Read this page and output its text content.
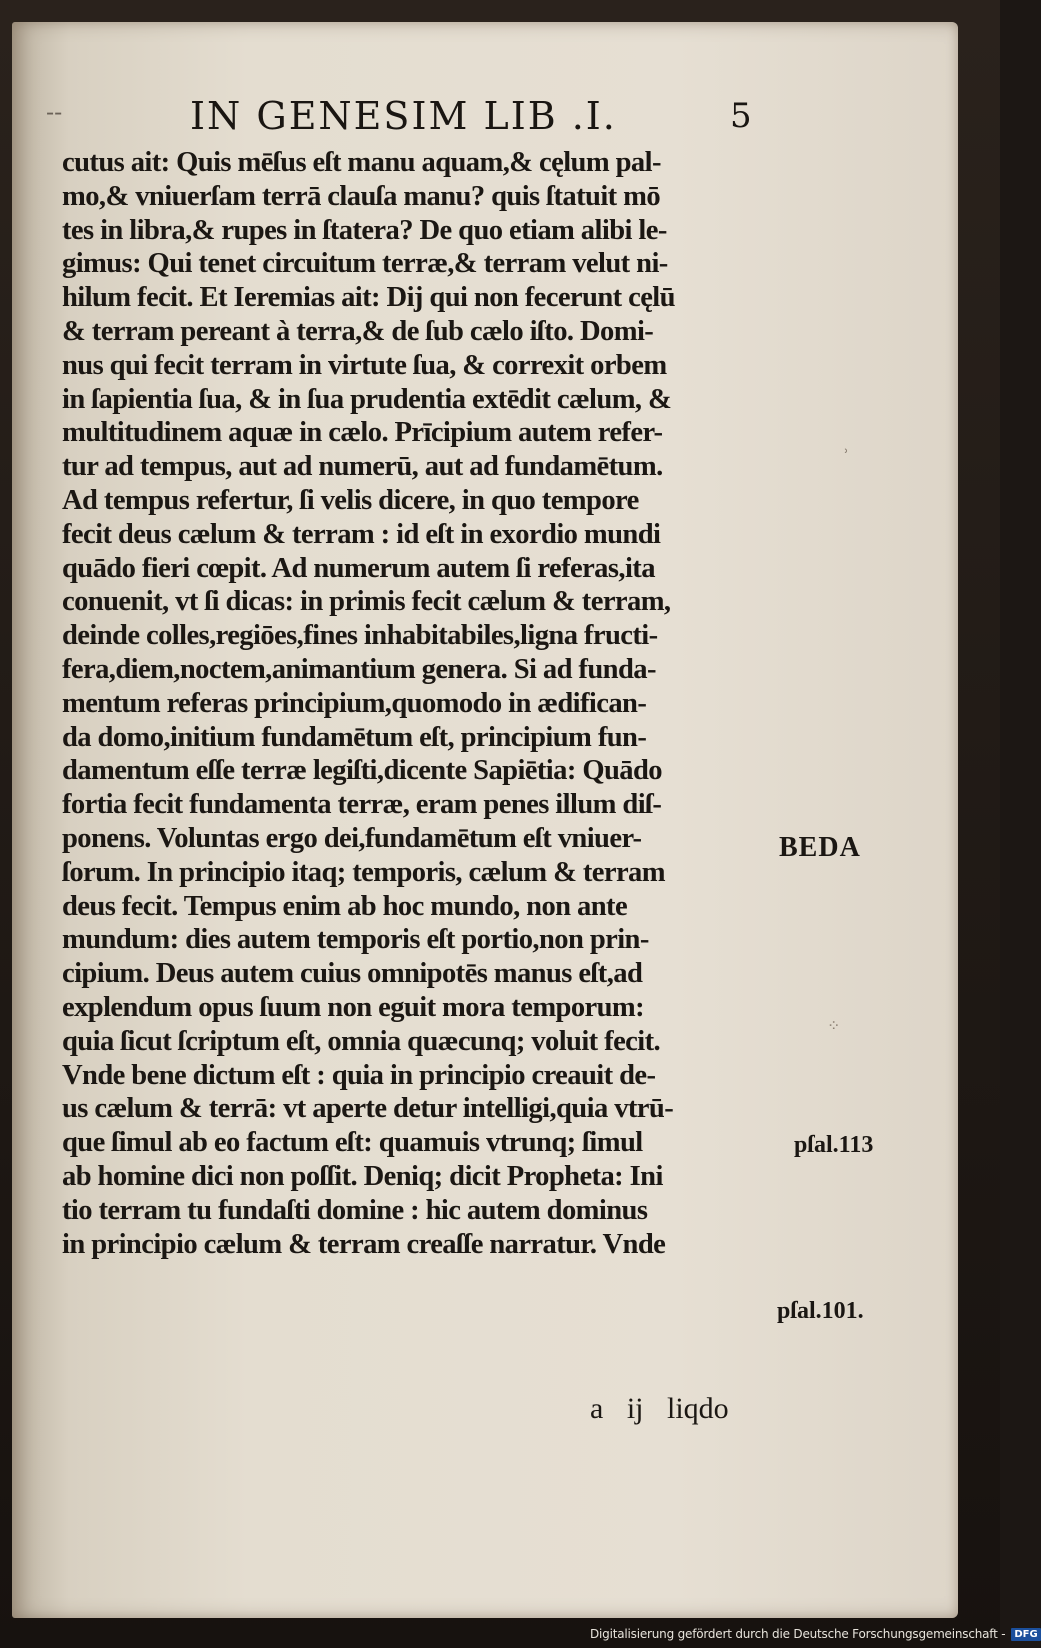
--	IN GENESIM LIB .I.	5
cutus ait: Quis mēſus eſt manu aquam,& cęlum pal-
mo,& vniuerſam terrā clauſa manu? quis ſtatuit mō
tes in libra,& rupes in ſtatera? De quo etiam alibi le-
gimus: Qui tenet circuitum terræ,& terram velut ni-
hilum fecit. Et Ieremias ait: Dij qui non fecerunt cęlū
& terram pereant à terra,& de ſub cælo iſto. Domi-
nus qui fecit terram in virtute ſua, & correxit orbem
in ſapientia ſua, & in ſua prudentia extēdit cælum, &
multitudinem aquæ in cælo. Prīcipium autem refer-
tur ad tempus, aut ad numerū, aut ad fundamētum.
Ad tempus refertur, ſi velis dicere, in quo tempore
fecit deus cælum & terram : id eſt in exordio mundi
quādo fieri cœpit. Ad numerum autem ſi referas,ita
conuenit, vt ſi dicas: in primis fecit cælum & terram,
deinde colles,regiōes,fines inhabitabiles,ligna fructi-
fera,diem,noctem,animantium genera. Si ad funda-
mentum referas principium,quomodo in ædifican-
da domo,initium fundamētum eſt, principium fun-
damentum eſſe terræ legiſti,dicente Sapiētia: Quādo
fortia fecit fundamenta terræ, eram penes illum diſ-
ponens. Voluntas ergo dei,fundamētum eſt vniuer-
ſorum. In principio itaq; temporis, cælum & terram
deus fecit. Tempus enim ab hoc mundo, non ante
mundum: dies autem temporis eſt portio,non prin-
cipium. Deus autem cuius omnipotēs manus eſt,ad
explendum opus ſuum non eguit mora temporum:
quia ſicut ſcriptum eſt, omnia quæcunq; voluit fecit.
Vnde bene dictum eſt : quia in principio creauit de-
us cælum & terrā: vt aperte detur intelligi,quia vtrū-
que ſimul ab eo factum eſt: quamuis vtrunq; ſimul
ab homine dici non poſſit. Deniq; dicit Propheta: Ini
tio terram tu fundaſti domine : hic autem dominus
in principio cælum & terram creaſſe narratur. Vnde
a ij liqdo
BEDA
pſal.113
pſal.101.
⁘
˒
Digitalisierung gefördert durch die Deutsche Forschungsgemeinschaft - DFG
